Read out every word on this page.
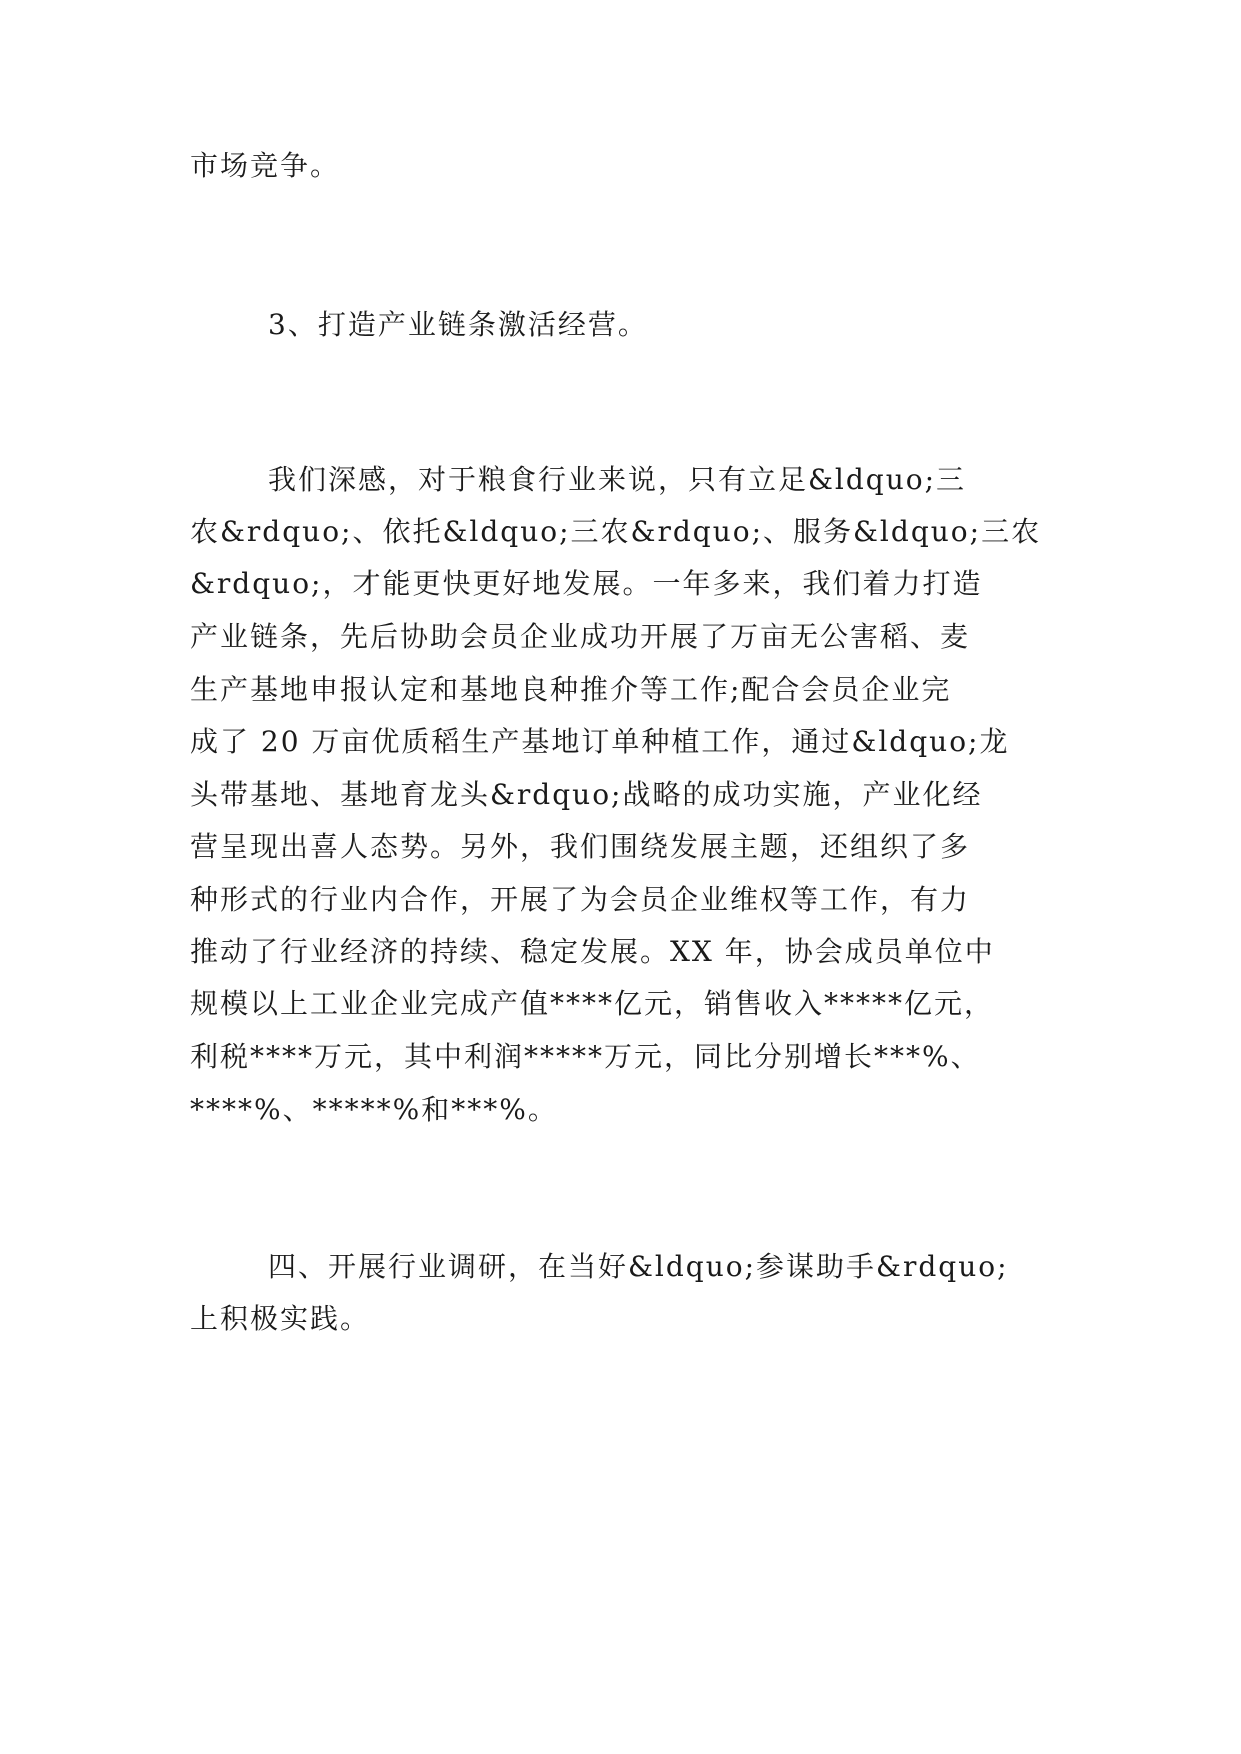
市场竞争。
3、打造产业链条激活经营。
我们深感，对于粮食行业来说，只有立足&ldquo;三
农&rdquo;、依托&ldquo;三农&rdquo;、服务&ldquo;三农
&rdquo;，才能更快更好地发展。一年多来，我们着力打造
产业链条，先后协助会员企业成功开展了万亩无公害稻、麦
生产基地申报认定和基地良种推介等工作;配合会员企业完
成了 20 万亩优质稻生产基地订单种植工作，通过&ldquo;龙
头带基地、基地育龙头&rdquo;战略的成功实施，产业化经
营呈现出喜人态势。另外，我们围绕发展主题，还组织了多
种形式的行业内合作，开展了为会员企业维权等工作，有力
推动了行业经济的持续、稳定发展。XX 年，协会成员单位中
规模以上工业企业完成产值****亿元，销售收入*****亿元，
利税****万元，其中利润*****万元，同比分别增长***%、
****%、*****%和***%。
四、开展行业调研，在当好&ldquo;参谋助手&rdquo;
上积极实践。
